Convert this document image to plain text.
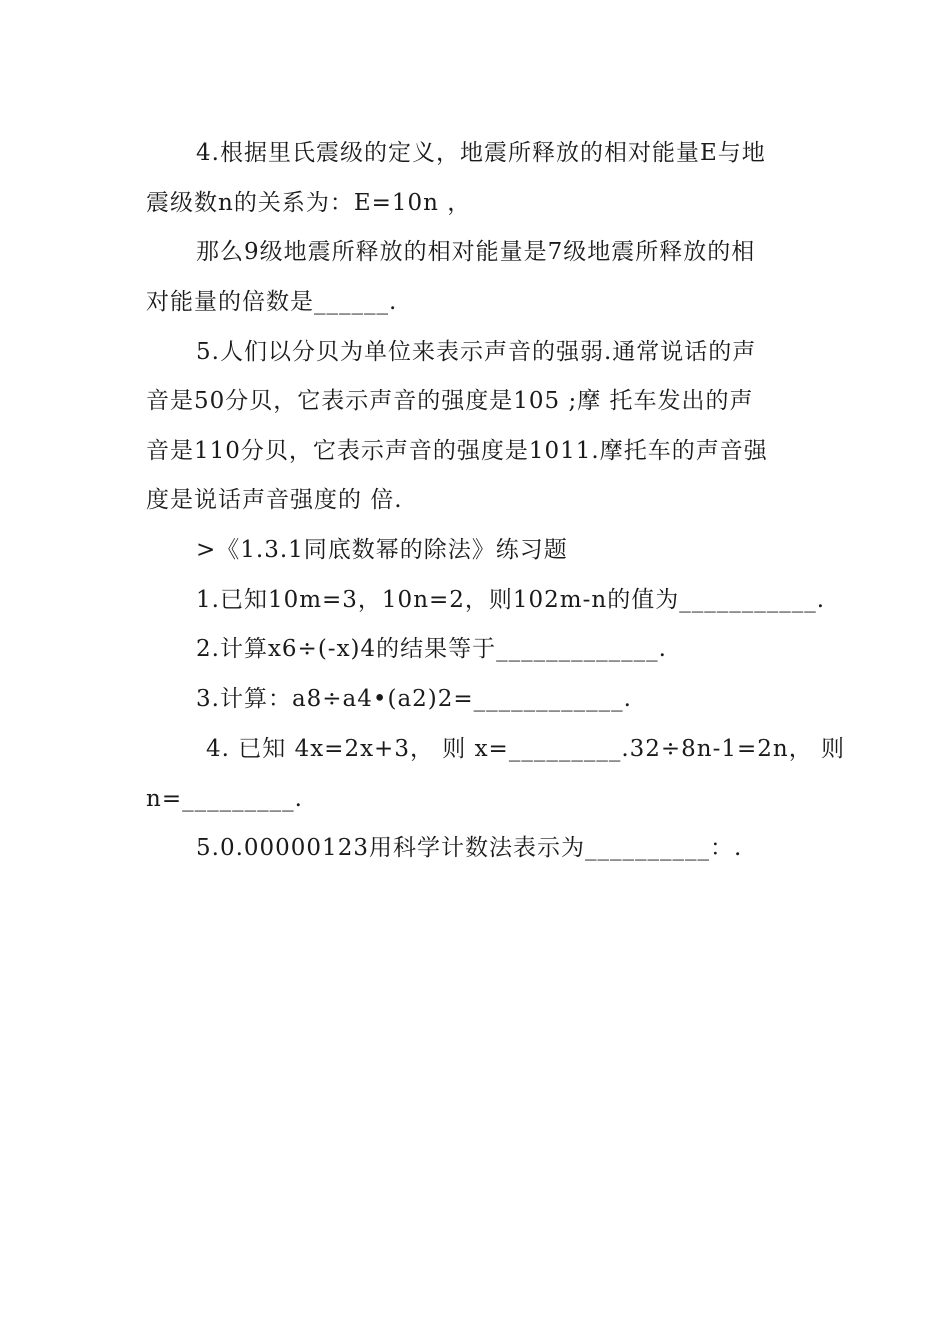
4.根据里氏震级的定义，地震所释放的相对能量E与地
震级数n的关系为：E=10n ，
那么9级地震所释放的相对能量是7级地震所释放的相
对能量的倍数是______.
5.人们以分贝为单位来表示声音的强弱.通常说话的声
音是50分贝，它表示声音的强度是105 ;摩 托车发出的声
音是110分贝，它表示声音的强度是1011.摩托车的声音强
度是说话声音强度的 倍.
>《1.3.1同底数幂的除法》练习题
1.已知10m=3，10n=2，则102m-n的值为___________.
2.计算x6÷(-x)4的结果等于_____________.
3.计算：a8÷a4•(a2)2=____________.
4. 已知 4x=2x+3， 则 x=_________.32÷8n-1=2n， 则
n=_________.
5.0.00000123用科学计数法表示为__________：.
